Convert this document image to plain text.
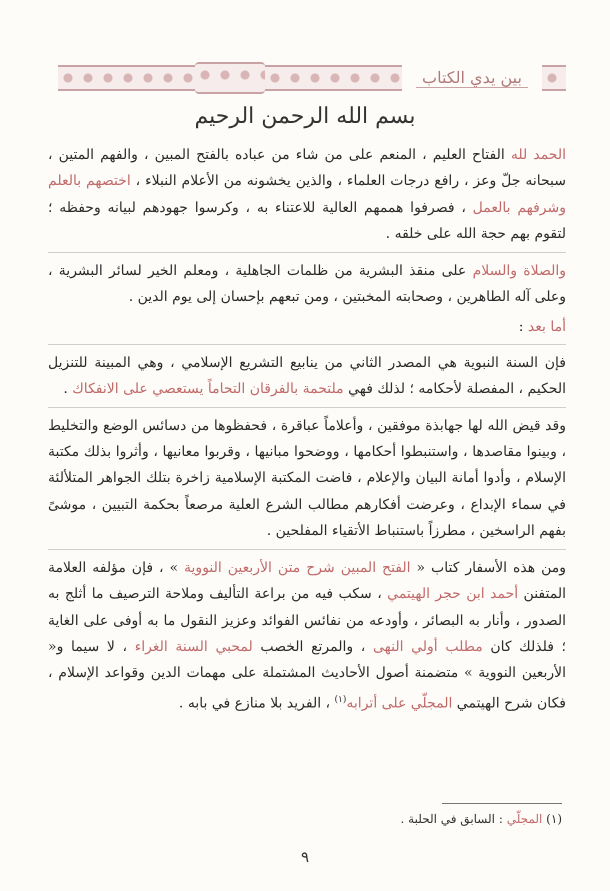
بين يدي الكتاب
بسم الله الرحمن الرحيم

الحمد لله الفتاح العليم ، المنعم على من شاء من عباده بالفتح المبين ، والفهم المتين ، سبحانه جلّ وعز ، رافع درجات العلماء ، والذين يخشونه من الأعلام النبلاء ، اختصهم بالعلم وشرفهم بالعمل ، فصرفوا هممهم العالية للاعتناء به ، وكرسوا جهودهم لبيانه وحفظه ؛ لتقوم بهم حجة الله على خلقه .

والصلاة والسلام على منقذ البشرية من ظلمات الجاهلية ، ومعلم الخير لسائر البشرية ، وعلى آله الطاهرين ، وصحابته المخبتين ، ومن تبعهم بإحسان إلى يوم الدين .

أما بعد :

فإن السنة النبوية هي المصدر الثاني من ينابيع التشريع الإسلامي ، وهي المبينة للتنزيل الحكيم ، المفصلة لأحكامه ؛ لذلك فهي ملتحمة بالفرقان التحاماً يستعصي على الانفكاك .

وقد قيض الله لها جهابذة موفقين ، وأعلاماً عباقرة ، فحفظوها من دسائس الوضع والتخليط ، وبينوا مقاصدها ، واستنبطوا أحكامها ، ووضحوا مبانيها ، وقربوا معانيها ، وأثروا بذلك مكتبة الإسلام ، وأدوا أمانة البيان والإعلام ، فاضت المكتبة الإسلامية زاخرة بتلك الجواهر المتلألئة في سماء الإبداع ، وعرضت أفكارهم مطالب الشرع العلية مرصعاً بحكمة التبيين ، موشىً بفهم الراسخين ، مطرزاً باستنباط الأتقياء المفلحين .

ومن هذه الأسفار كتاب « الفتح المبين شرح متن الأربعين النووية » ، فإن مؤلفه العلامة المتفنن أحمد ابن حجر الهيتمي ، سكب فيه من براعة التأليف وملاحة الترصيف ما أثلج به الصدور ، وأنار به البصائر ، وأودعه من نفائس الفوائد وعزيز النقول ما به أوفى على الغاية ؛ فلذلك كان مطلب أولي النهى ، والمرتع الخصب لمحبي السنة الغراء ، لا سيما و« الأربعين النووية » متضمنة أصول الأحاديث المشتملة على مهمات الدين وقواعد الإسلام ، فكان شرح الهيتمي المجلّي على أترابه$^{(١)}$ ، الفريد بلا منازع في بابه .

(١) المجلّي : السابق في الحلبة .
٩
